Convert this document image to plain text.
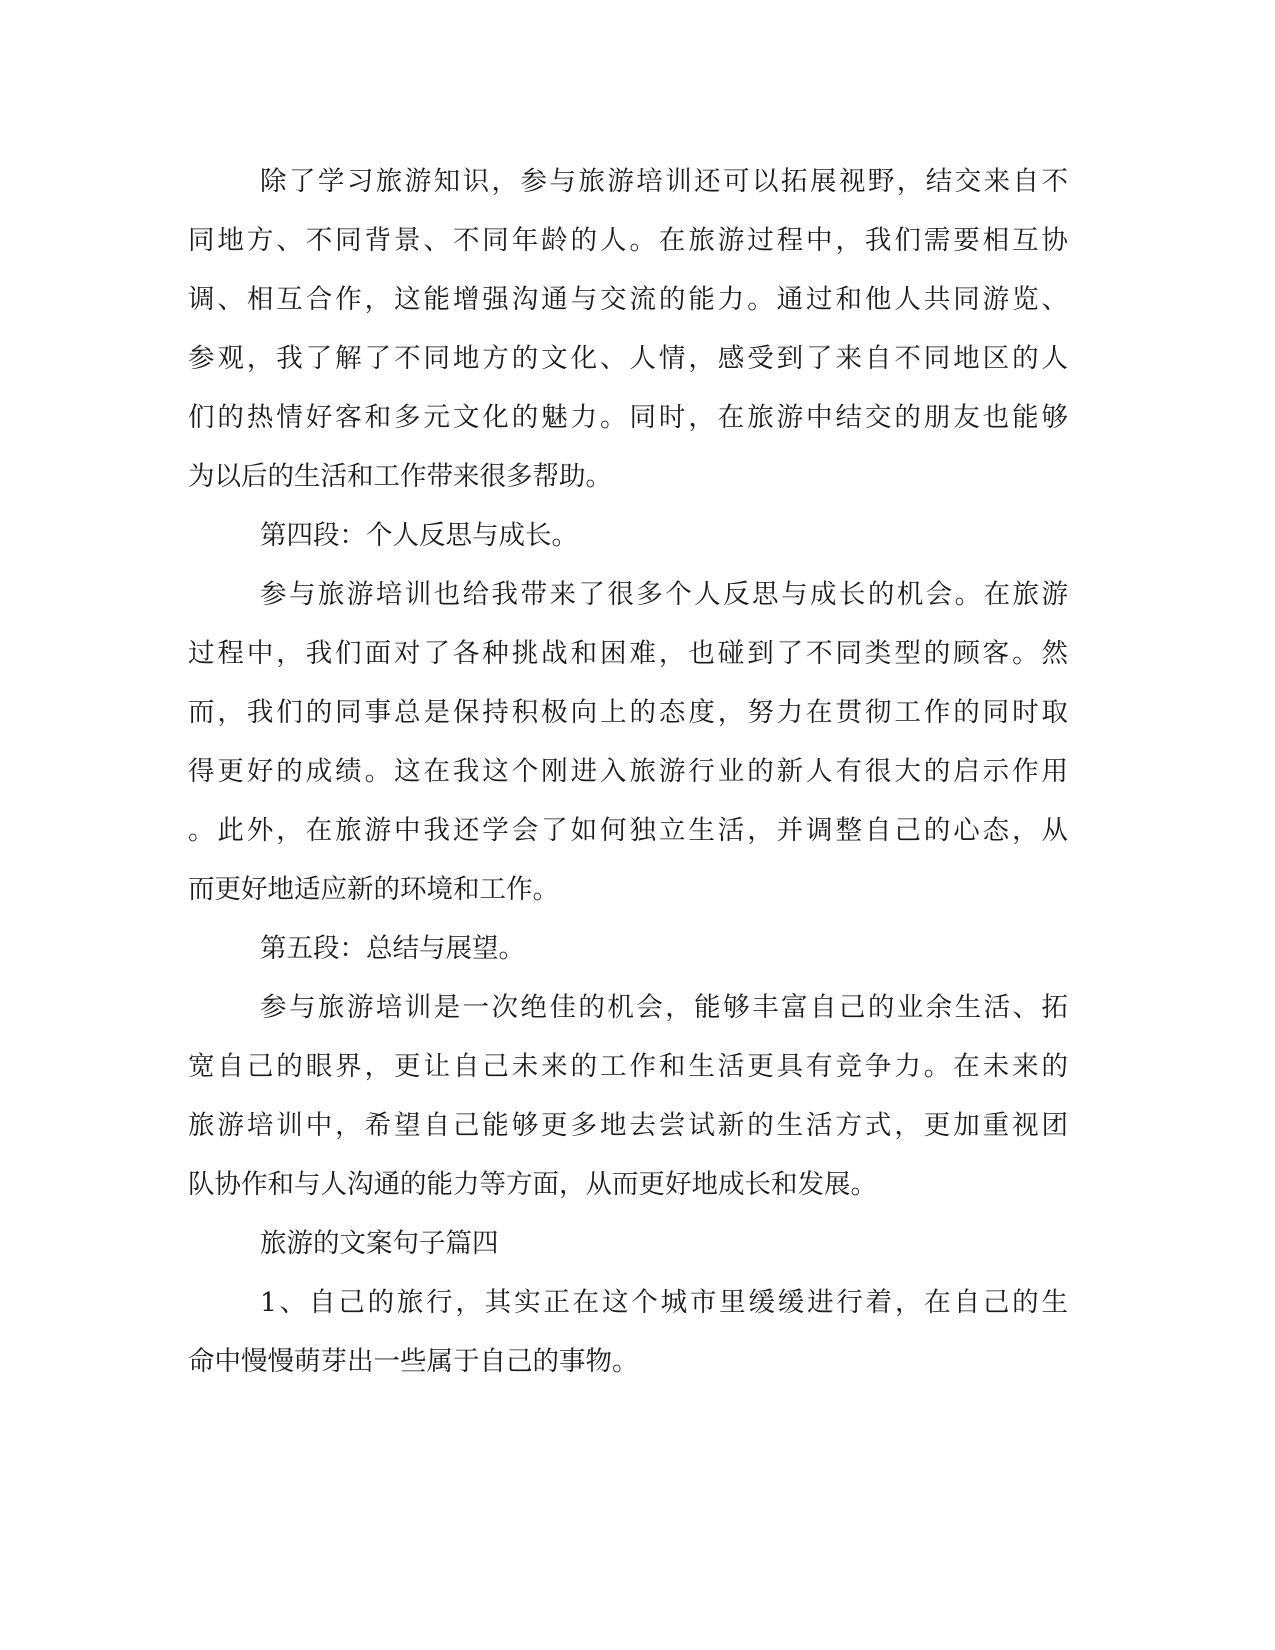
除了学习旅游知识，参与旅游培训还可以拓展视野，结交来自不
同地方、不同背景、不同年龄的人。在旅游过程中，我们需要相互协
调、相互合作，这能增强沟通与交流的能力。通过和他人共同游览、
参观，我了解了不同地方的文化、人情，感受到了来自不同地区的人
们的热情好客和多元文化的魅力。同时，在旅游中结交的朋友也能够
为以后的生活和工作带来很多帮助。
第四段：个人反思与成长。
参与旅游培训也给我带来了很多个人反思与成长的机会。在旅游
过程中，我们面对了各种挑战和困难，也碰到了不同类型的顾客。然
而，我们的同事总是保持积极向上的态度，努力在贯彻工作的同时取
得更好的成绩。这在我这个刚进入旅游行业的新人有很大的启示作用
。此外，在旅游中我还学会了如何独立生活，并调整自己的心态，从
而更好地适应新的环境和工作。
第五段：总结与展望。
参与旅游培训是一次绝佳的机会，能够丰富自己的业余生活、拓
宽自己的眼界，更让自己未来的工作和生活更具有竞争力。在未来的
旅游培训中，希望自己能够更多地去尝试新的生活方式，更加重视团
队协作和与人沟通的能力等方面，从而更好地成长和发展。
旅游的文案句子篇四
1、自己的旅行，其实正在这个城市里缓缓进行着，在自己的生
命中慢慢萌芽出一些属于自己的事物。
